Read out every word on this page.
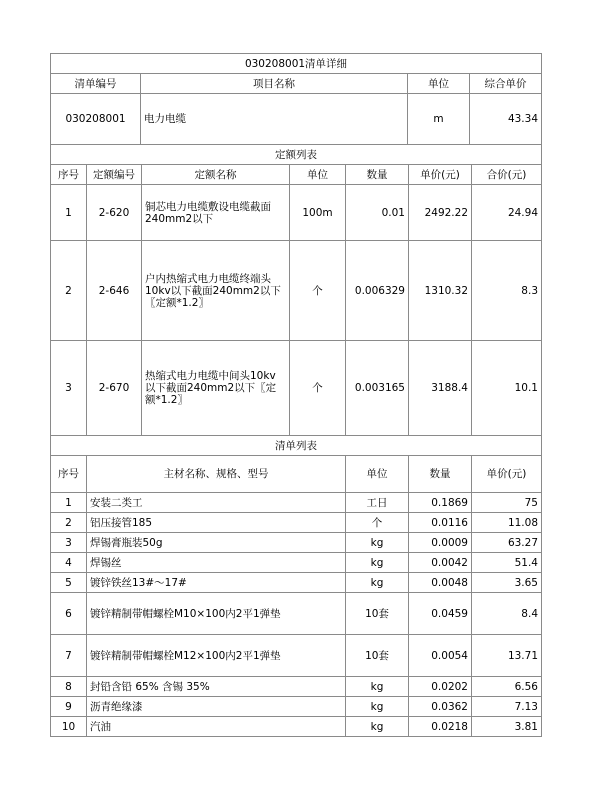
030208001清单详细			
清单编号	项目名称	单位	综合单价
030208001	电力电缆	m	43.34
定额列表							
序号	定额编号	定额名称	单位	数量	单价(元)	合价(元)	
1	2-620	铜芯电力电缆敷设电缆截面240mm2以下	100m	0.01	2492.22	24.94	
2	2-646	户内热缩式电力电缆终端头10kv以下截面240mm2以下〖定额*1.2〗	个	0.006329	1310.32	8.3	
3	2-670	热缩式电力电缆中间头10kv以下截面240mm2以下〖定额*1.2〗	个	0.003165	3188.4	10.1	
清单列表							
序号	主材名称、规格、型号			单位	数量	单价(元)	
1	安装二类工			工日	0.1869	75	
2	铝压接管185			个	0.0116	11.08	
3	焊锡膏瓶装50g			kg	0.0009	63.27	
4	焊锡丝			kg	0.0042	51.4	
5	镀锌铁丝13#～17#			kg	0.0048	3.65	
6	镀锌精制带帽螺栓M10×100内2平1弹垫			10套	0.0459	8.4	
7	镀锌精制带帽螺栓M12×100内2平1弹垫			10套	0.0054	13.71	
8	封铅含铅 65% 含锡 35%			kg	0.0202	6.56	
9	沥青绝缘漆			kg	0.0362	7.13	
10	汽油			kg	0.0218	3.81	
